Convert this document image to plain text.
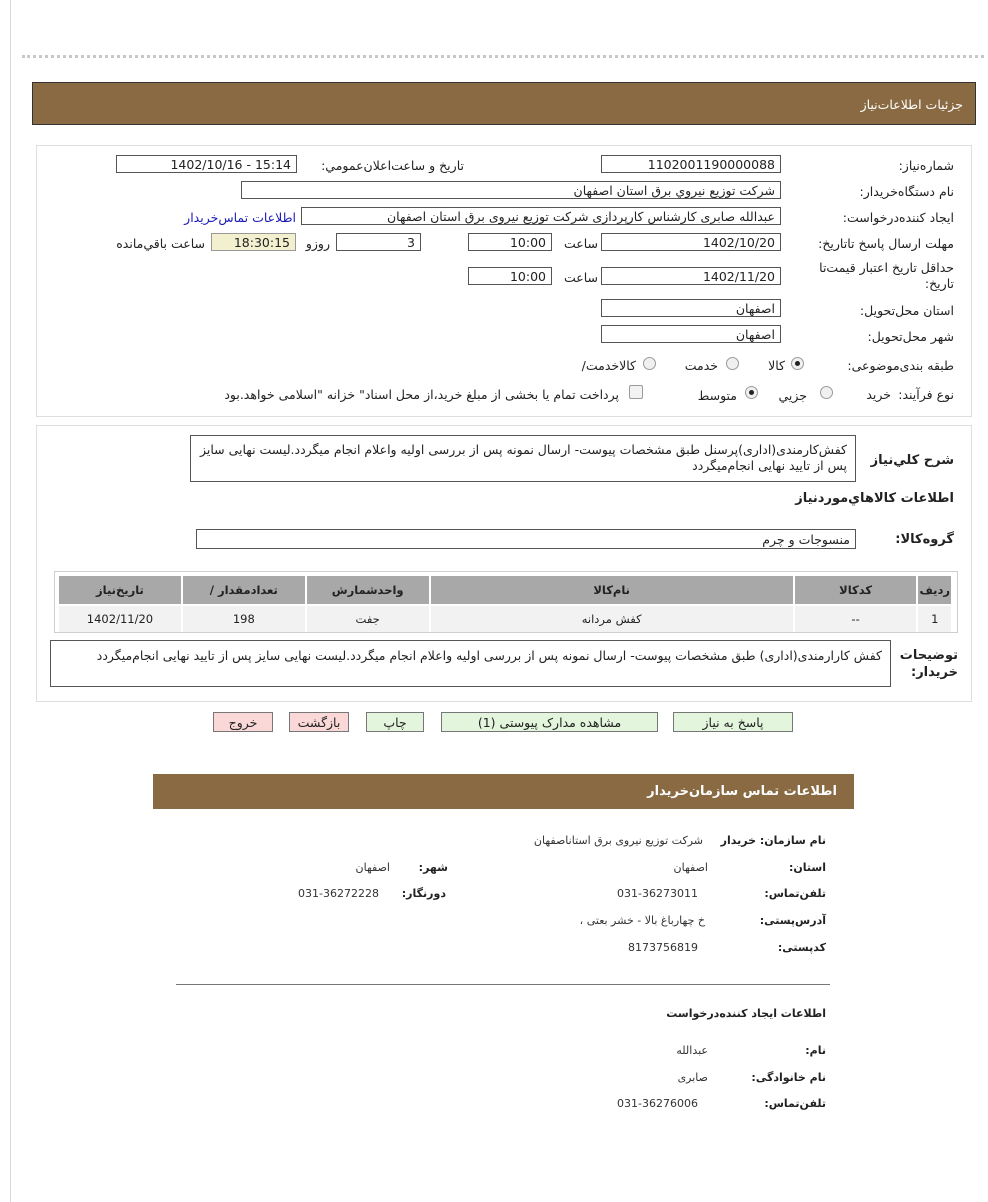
جزئيات اطلاعات‌نياز
شماره‌نياز:
1102001190000088
تاريخ و ساعت‌اعلان‌عمومي:
1402/10/16 - 15:14
نام دستگاه‌خريدار:
شرکت توزيع نيروي برق استان اصفهان
ايجاد کننده‌درخواست:
عبدالله صابری کارشناس کارپردازی شرکت توزيع نيروی برق استان اصفهان
اطلاعات تماس‌خريدار
مهلت ارسال ‌پاسخ تا‌تاريخ:
1402/10/20
ساعت
10:00
3
روزو
18:30:15
ساعت باقي‌مانده
حداقل تاريخ اعتبار قيمت‌تا تاريخ:
1402/11/20
ساعت
10:00
استان محل‌تحويل:
اصفهان
شهر محل‌تحويل:
اصفهان
طبقه بندی‌موضوعی:
کالا
خدمت
کالا‌خدمت/
نوع فرآيند:
خريد
جزيي
متوسط
پرداخت تمام يا بخشی از مبلغ خريد،از محل اسناد" خزانه "اسلامی خواهد.بود
شرح کلي‌نياز
کفش‌کارمندی(اداری)پرسنل طبق مشخصات پیوست- ارسال نمونه پس از بررسی اولیه واعلام انجام میگردد.لیست نهایی سایز پس از تایید نهایی انجام‌میگردد
اطلاعات کالاهاي‌مورد‌نياز
گروه‌کالا:
منسوجات و چرم
رديف	کدکالا	نام‌کالا	واحدشمارش	تعدادمقدار /	تاريخ‌نياز
1	--	کفش مردانه	جفت	198	1402/11/20
توضيحات خريدار:
کفش کارارمندی(اداری) طبق مشخصات پیوست- ارسال نمونه پس از بررسی اولیه واعلام انجام میگردد.لیست نهایی سایز پس از تایید نهایی انجام‌میگردد
پاسخ به نياز
مشاهده مدارک پيوستی (1)
چاپ
بازگشت
خروج
اطلاعات تماس سازمان‌خريدار
نام سازمان‌: خريدار
شرکت توزيع نيروی برق استاناصفهان
استان:
اصفهان
شهر:
اصفهان
تلفن‌تماس:
031-36273011
دورنگار:
031-36272228
آدرس‌پستی:
خ چهارباغ بالا - خشر بعتی ،
کد‌پستی:
8173756819
اطلاعات ايجاد کننده‌درخواست
نام:
عبدالله
نام خانوادگی:
صابری
تلفن‌تماس:
031-36276006
